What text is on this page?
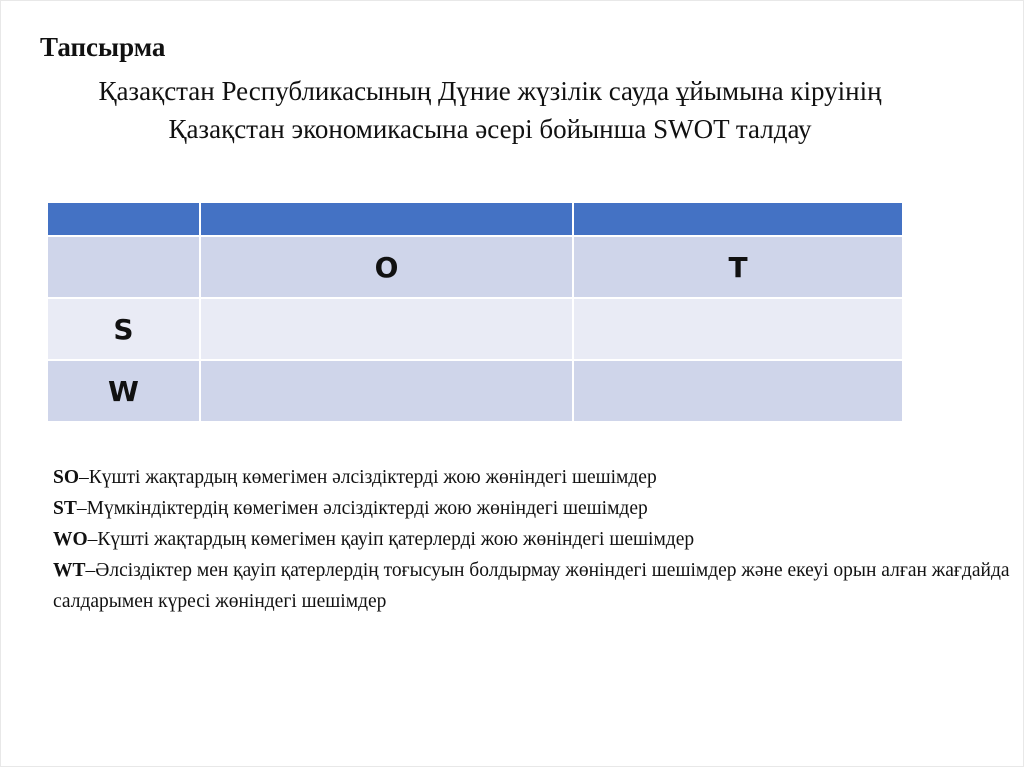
Тапсырма
Қазақстан Республикасының Дүние жүзілік сауда ұйымына кіруінің Қазақстан экономикасына әсері бойынша SWOT талдау

	O	T
S		
W		

SO–Күшті жақтардың көмегімен әлсіздіктерді жою жөніндегі шешімдер

ST–Мүмкіндіктердің көмегімен әлсіздіктерді жою жөніндегі шешімдер

WO–Күшті жақтардың көмегімен қауіп қатерлерді жою жөніндегі шешімдер

WT–Әлсіздіктер мен қауіп қатерлердің тоғысуын болдырмау жөніндегі шешімдер және екеуі орын алған жағдайда салдарымен күресі жөніндегі шешімдер
